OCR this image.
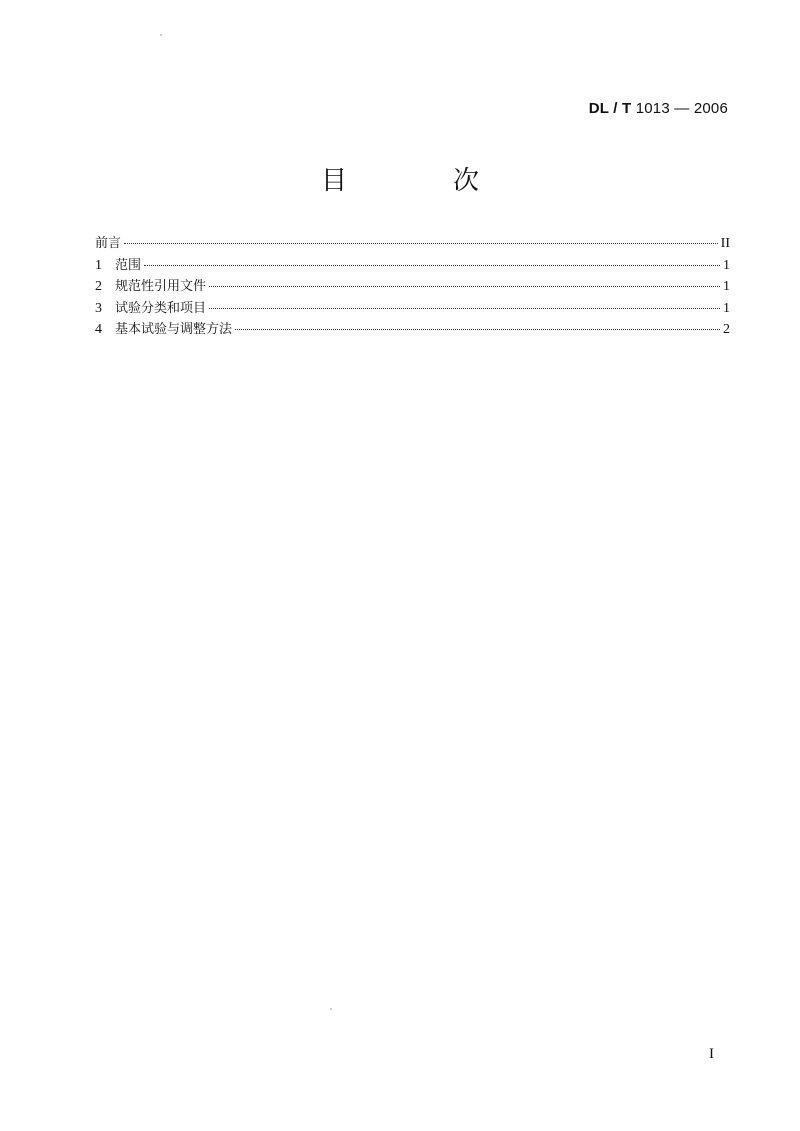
DL / T 1013 — 2006
目　次
前言	II
1	范围	1
2	规范性引用文件	1
3	试验分类和项目	1
4	基本试验与调整方法	2
I
